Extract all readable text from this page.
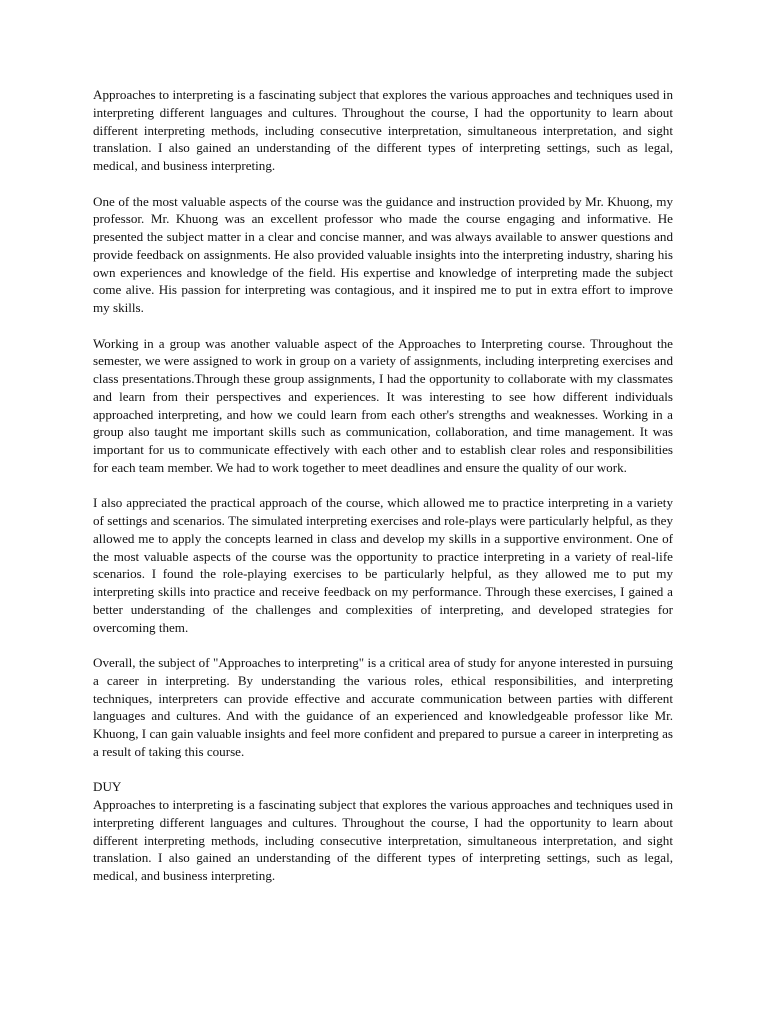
Approaches to interpreting is a fascinating subject that explores the various approaches and techniques used in interpreting different languages and cultures. Throughout the course, I had the opportunity to learn about different interpreting methods, including consecutive interpretation, simultaneous interpretation, and sight translation. I also gained an understanding of the different types of interpreting settings, such as legal, medical, and business interpreting.

One of the most valuable aspects of the course was the guidance and instruction provided by Mr. Khuong, my professor. Mr. Khuong was an excellent professor who made the course engaging and informative. He presented the subject matter in a clear and concise manner, and was always available to answer questions and provide feedback on assignments. He also provided valuable insights into the interpreting industry, sharing his own experiences and knowledge of the field. His expertise and knowledge of interpreting made the subject come alive. His passion for interpreting was contagious, and it inspired me to put in extra effort to improve my skills.

Working in a group was another valuable aspect of the Approaches to Interpreting course. Throughout the semester, we were assigned to work in group on a variety of assignments, including interpreting exercises and class presentations.Through these group assignments, I had the opportunity to collaborate with my classmates and learn from their perspectives and experiences. It was interesting to see how different individuals approached interpreting, and how we could learn from each other's strengths and weaknesses. Working in a group also taught me important skills such as communication, collaboration, and time management. It was important for us to communicate effectively with each other and to establish clear roles and responsibilities for each team member. We had to work together to meet deadlines and ensure the quality of our work.

I also appreciated the practical approach of the course, which allowed me to practice interpreting in a variety of settings and scenarios. The simulated interpreting exercises and role-plays were particularly helpful, as they allowed me to apply the concepts learned in class and develop my skills in a supportive environment. One of the most valuable aspects of the course was the opportunity to practice interpreting in a variety of real-life scenarios. I found the role-playing exercises to be particularly helpful, as they allowed me to put my interpreting skills into practice and receive feedback on my performance. Through these exercises, I gained a better understanding of the challenges and complexities of interpreting, and developed strategies for overcoming them.

Overall, the subject of "Approaches to interpreting" is a critical area of study for anyone interested in pursuing a career in interpreting. By understanding the various roles, ethical responsibilities, and interpreting techniques, interpreters can provide effective and accurate communication between parties with different languages and cultures. And with the guidance of an experienced and knowledgeable professor like Mr. Khuong, I can gain valuable insights and feel more confident and prepared to pursue a career in interpreting as a result of taking this course.

DUY

Approaches to interpreting is a fascinating subject that explores the various approaches and techniques used in interpreting different languages and cultures. Throughout the course, I had the opportunity to learn about different interpreting methods, including consecutive interpretation, simultaneous interpretation, and sight translation. I also gained an understanding of the different types of interpreting settings, such as legal, medical, and business interpreting.
